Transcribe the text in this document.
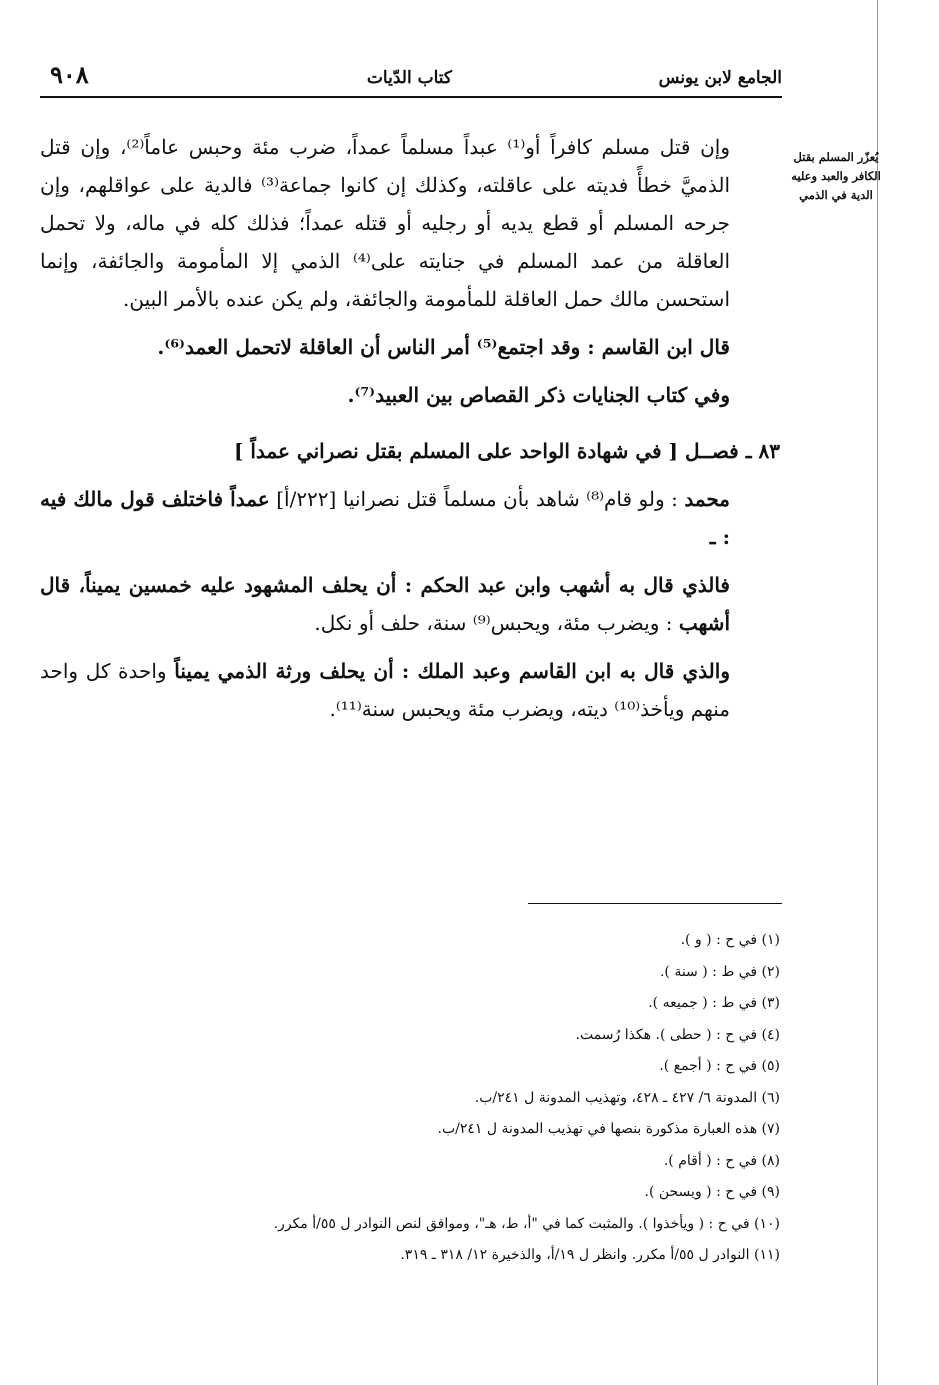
الجامع لابن يونس
كتاب الدّيات
٩٠٨
يُعزّر المسلم بقتل الكافر والعبد وعليه الدية في الذمي

وإن قتل مسلم كافراً أو⁽¹⁾ عبداً مسلماً عمداً، ضرب مئة وحبس عاماً⁽²⁾، وإن قتل الذميَّ خطأً فديته على عاقلته، وكذلك إن كانوا جماعة⁽³⁾ فالدية على عواقلهم، وإن جرحه المسلم أو قطع يديه أو رجليه أو قتله عمداً؛ فذلك كله في ماله، ولا تحمل العاقلة من عمد المسلم في جنايته على⁽⁴⁾ الذمي إلا المأمومة والجائفة، وإنما استحسن مالك حمل العاقلة للمأمومة والجائفة، ولم يكن عنده بالأمر البين.

قال ابن القاسم : وقد اجتمع⁽⁵⁾ أمر الناس أن العاقلة لاتحمل العمد⁽⁶⁾.

وفي كتاب الجنايات ذكر القصاص بين العبيد⁽⁷⁾.

٨٣ ـ فصــل [ في شهادة الواحد على المسلم بقتل نصراني عمداً ]

محمد : ولو قام⁽⁸⁾ شاهد بأن مسلماً قتل نصرانيا [٢٢٢/أ] عمداً فاختلف قول مالك فيه : ـ

فالذي قال به أشهب وابن عبد الحكم : أن يحلف المشهود عليه خمسين يميناً، قال أشهب : ويضرب مئة، ويحبس⁽⁹⁾ سنة، حلف أو نكل.

والذي قال به ابن القاسم وعبد الملك : أن يحلف ورثة الذمي يميناً واحدة كل واحد منهم ويأخذ⁽¹⁰⁾ ديته، ويضرب مئة ويحبس سنة⁽¹¹⁾.

(١) في ح : ( و ).
(٢) في ط : ( سنة ).
(٣) في ط : ( جميعه ).
(٤) في ح : ( حطى ). هكذا رُسمت.
(٥) في ح : ( أجمع ).
(٦) المدونة ٦/ ٤٢٧ ـ ٤٢٨، وتهذيب المدونة ل ٢٤١/ب.
(٧) هذه العبارة مذكورة بنصها في تهذيب المدونة ل ٢٤١/ب.
(٨) في ح : ( أقام ).
(٩) في ح : ( ويسحن ).
(١٠) في ح : ( ويأخذوا ). والمثبت كما في "أ، ط، هـ"، وموافق لنص النوادر ل ٥٥/أ مكرر.
(١١) النوادر ل ٥٥/أ مكرر. وانظر ل ١٩/أ، والذخيرة ١٢/ ٣١٨ ـ ٣١٩.
